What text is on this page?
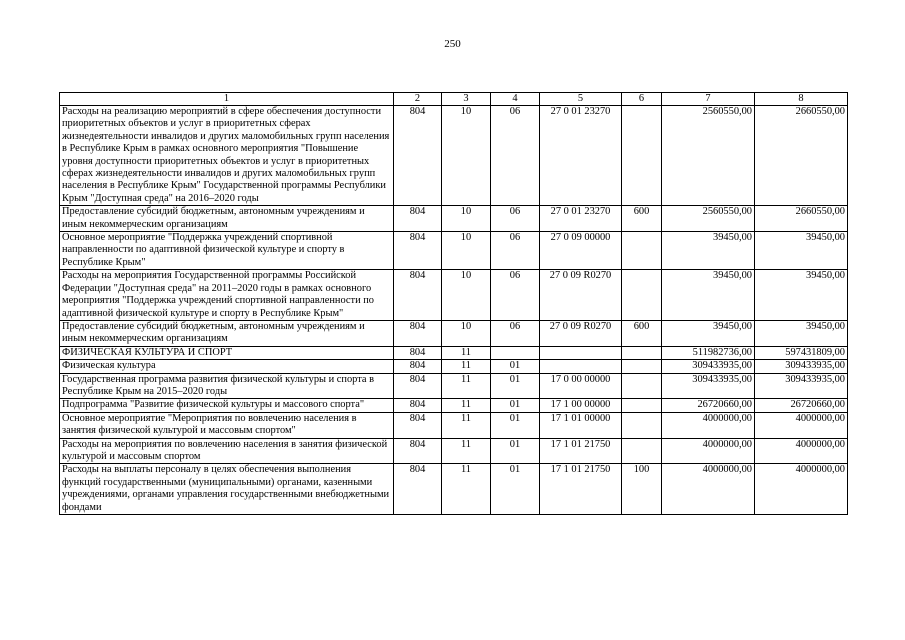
250
1	2	3	4	5	6	7	8
Расходы на реализацию мероприятий в сфере обеспечения доступности приоритетных объектов и услуг в приоритетных сферах жизнедеятельности инвалидов и других маломобильных групп населения в Республике Крым в рамках основного мероприятия "Повышение уровня доступности приоритетных объектов и услуг в приоритетных сферах жизнедеятельности инвалидов и других маломобильных групп населения в Республике Крым" Государственной программы Республики Крым "Доступная среда" на 2016–2020 годы	804	10	06	27 0 01 23270		2560550,00	2660550,00
Предоставление субсидий бюджетным, автономным учреждениям и иным некоммерческим организациям	804	10	06	27 0 01 23270	600	2560550,00	2660550,00
Основное мероприятие "Поддержка учреждений спортивной направленности по адаптивной физической культуре и спорту в Республике Крым"	804	10	06	27 0 09 00000		39450,00	39450,00
Расходы на мероприятия Государственной программы Российской Федерации "Доступная среда" на 2011–2020 годы в рамках основного мероприятия "Поддержка учреждений спортивной направленности по адаптивной физической культуре и спорту в Республике Крым"	804	10	06	27 0 09 R0270		39450,00	39450,00
Предоставление субсидий бюджетным, автономным учреждениям и иным некоммерческим организациям	804	10	06	27 0 09 R0270	600	39450,00	39450,00
ФИЗИЧЕСКАЯ КУЛЬТУРА И СПОРТ	804	11				511982736,00	597431809,00
Физическая культура	804	11	01			309433935,00	309433935,00
Государственная программа развития физической культуры и спорта в Республике Крым на 2015–2020 годы	804	11	01	17 0 00 00000		309433935,00	309433935,00
Подпрограмма "Развитие физической культуры и массового спорта"	804	11	01	17 1 00 00000		26720660,00	26720660,00
Основное мероприятие "Мероприятия по вовлечению населения в занятия физической культурой и массовым спортом"	804	11	01	17 1 01 00000		4000000,00	4000000,00
Расходы на мероприятия по вовлечению населения в занятия физической культурой и массовым спортом	804	11	01	17 1 01 21750		4000000,00	4000000,00
Расходы на выплаты персоналу в целях обеспечения выполнения функций государственными (муниципальными) органами, казенными учреждениями, органами управления государственными внебюджетными фондами	804	11	01	17 1 01 21750	100	4000000,00	4000000,00
